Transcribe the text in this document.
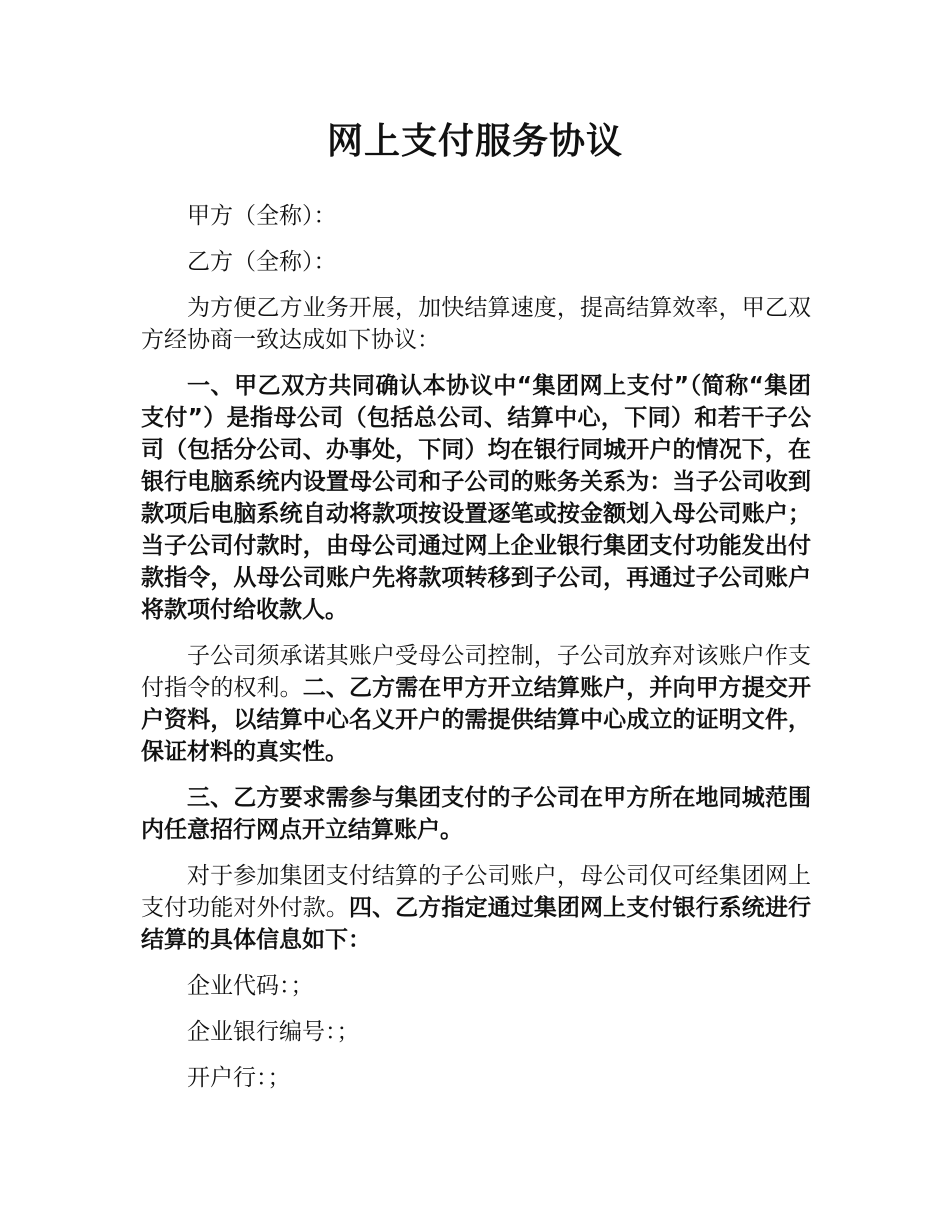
网上支付服务协议

甲方（全称）：

乙方（全称）：

为方便乙方业务开展，加快结算速度，提高结算效率，甲乙双方经协商一致达成如下协议：

一、甲乙双方共同确认本协议中“集团网上支付”（简称“集团支付”）是指母公司（包括总公司、结算中心，下同）和若干子公司（包括分公司、办事处，下同）均在银行同城开户的情况下，在银行电脑系统内设置母公司和子公司的账务关系为：当子公司收到款项后电脑系统自动将款项按设置逐笔或按金额划入母公司账户；当子公司付款时，由母公司通过网上企业银行集团支付功能发出付款指令，从母公司账户先将款项转移到子公司，再通过子公司账户将款项付给收款人。

子公司须承诺其账户受母公司控制，子公司放弃对该账户作支付指令的权利。二、乙方需在甲方开立结算账户，并向甲方提交开户资料，以结算中心名义开户的需提供结算中心成立的证明文件，保证材料的真实性。

三、乙方要求需参与集团支付的子公司在甲方所在地同城范围内任意招行网点开立结算账户。

对于参加集团支付结算的子公司账户，母公司仅可经集团网上支付功能对外付款。四、乙方指定通过集团网上支付银行系统进行结算的具体信息如下：

企业代码：；

企业银行编号：；

开户行：；
